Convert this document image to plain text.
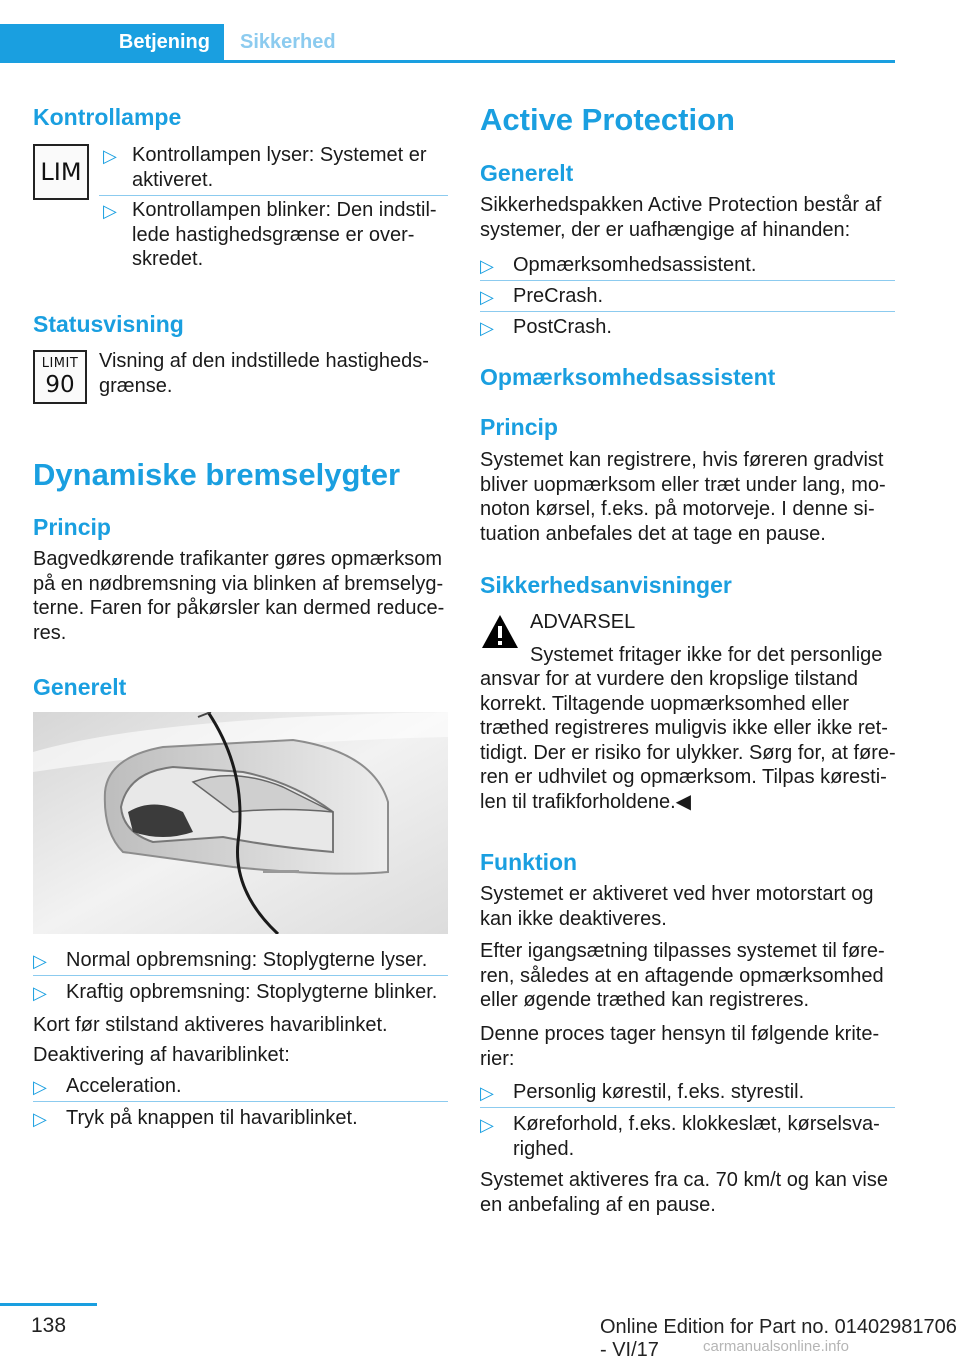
Betjening	Sikkerhed
Kontrollampe
LIM
▷ Kontrollampen lyser: Systemet er
aktiveret.
▷ Kontrollampen blinker: Den indstil-
lede hastighedsgrænse er over-
skredet.
Statusvisning
LIMIT
90
Visning af den indstillede hastigheds-
grænse.
Dynamiske bremselygter
Princip
Bagvedkørende trafikanter gøres opmærksom
på en nødbremsning via blinken af bremselyg-
terne. Faren for påkørsler kan dermed reduce-
res.
Generelt
▷ Normal opbremsning: Stoplygterne lyser.
▷ Kraftig opbremsning: Stoplygterne blinker.
Kort før stilstand aktiveres havariblinket.
Deaktivering af havariblinket:
▷ Acceleration.
▷ Tryk på knappen til havariblinket.
Active Protection
Generelt
Sikkerhedspakken Active Protection består af
systemer, der er uafhængige af hinanden:
▷ Opmærksomhedsassistent.
▷ PreCrash.
▷ PostCrash.
Opmærksomhedsassistent
Princip
Systemet kan registrere, hvis føreren gradvist
bliver uopmærksom eller træt under lang, mo-
noton kørsel, f.eks. på motorveje. I denne si-
tuation anbefales det at tage en pause.
Sikkerhedsanvisninger
ADVARSEL
Systemet fritager ikke for det personlige
ansvar for at vurdere den kropslige tilstand
korrekt. Tiltagende uopmærksomhed eller
træthed registreres muligvis ikke eller ikke ret-
tidigt. Der er risiko for ulykker. Sørg for, at føre-
ren er udhvilet og opmærksom. Tilpas køresti-
len til trafikforholdene.◀
Funktion
Systemet er aktiveret ved hver motorstart og
kan ikke deaktiveres.
Efter igangsætning tilpasses systemet til føre-
ren, således at en aftagende opmærksomhed
eller øgende træthed kan registreres.
Denne proces tager hensyn til følgende krite-
rier:
▷ Personlig kørestil, f.eks. styrestil.
▷ Køreforhold, f.eks. klokkeslæt, kørselsva-
righed.
Systemet aktiveres fra ca. 70 km/t og kan vise
en anbefaling af en pause.
138	Online Edition for Part no. 01402981706 - VI/17	carmanualsonline.info
